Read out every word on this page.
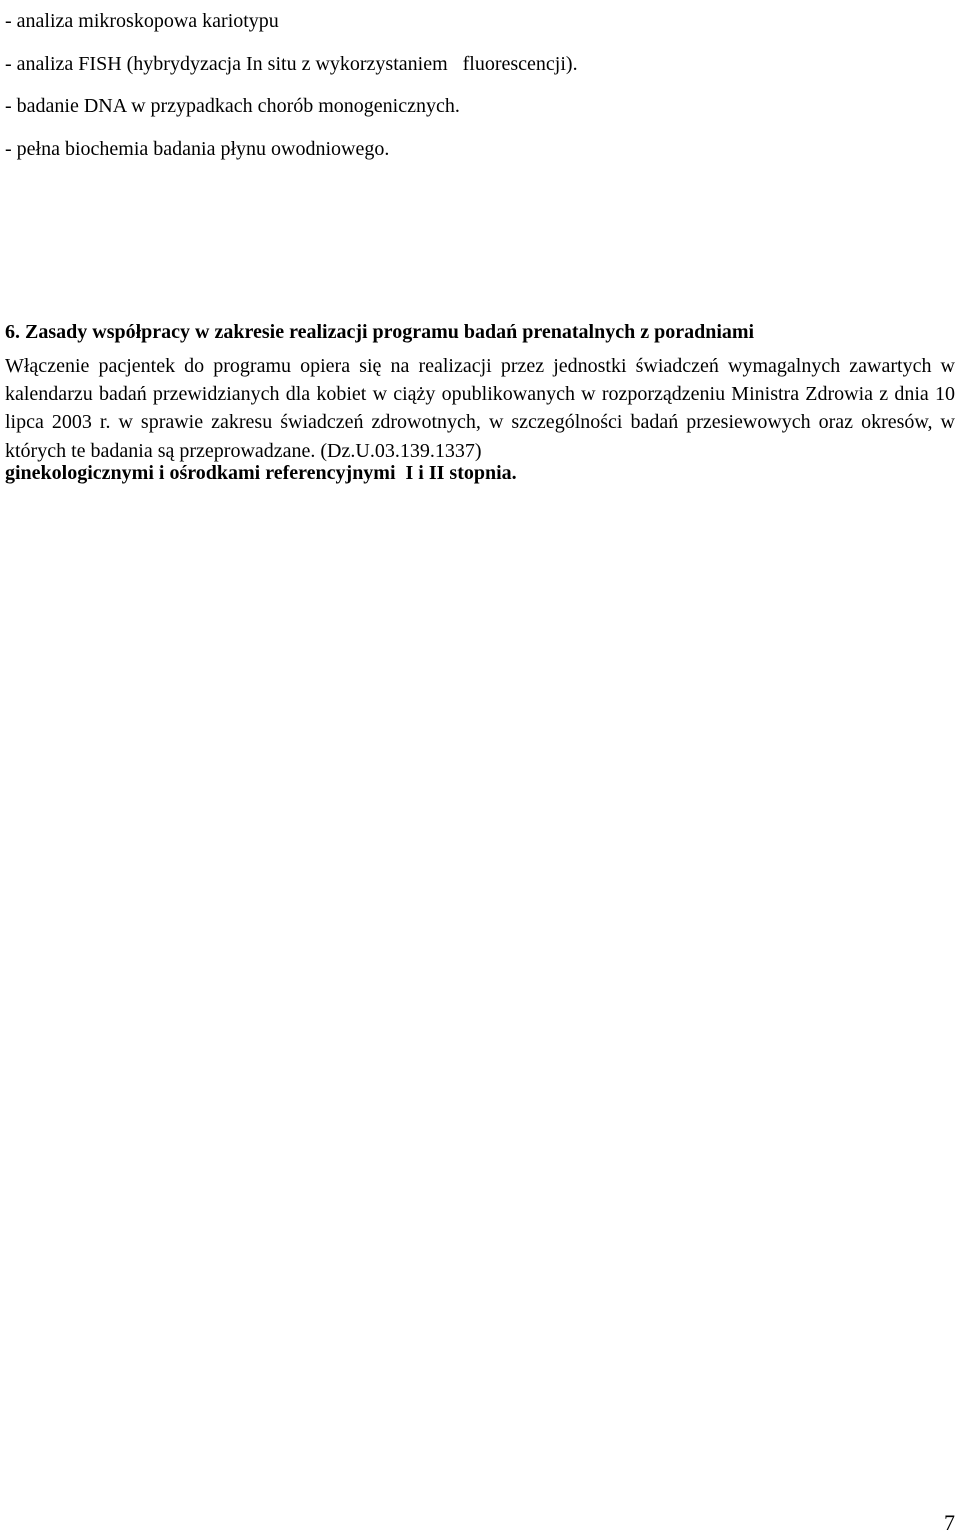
- analiza mikroskopowa kariotypu
- analiza FISH (hybrydyzacja In situ z wykorzystaniem   fluorescencji).
- badanie DNA w przypadkach chorób monogenicznych.
- pełna biochemia badania płynu owodniowego.

6. Zasady współpracy w zakresie realizacji programu badań prenatalnych z poradniami

ginekologicznymi i ośrodkami referencyjnymi  I i II stopnia.

Włączenie pacjentek do programu opiera się na realizacji przez jednostki świadczeń wymagalnych zawartych w kalendarzu badań przewidzianych dla kobiet w ciąży opublikowanych w rozporządzeniu Ministra Zdrowia z dnia 10 lipca 2003 r. w sprawie zakresu świadczeń zdrowotnych, w szczególności badań przesiewowych oraz okresów, w których te badania są przeprowadzane. (Dz.U.03.139.1337)
7
